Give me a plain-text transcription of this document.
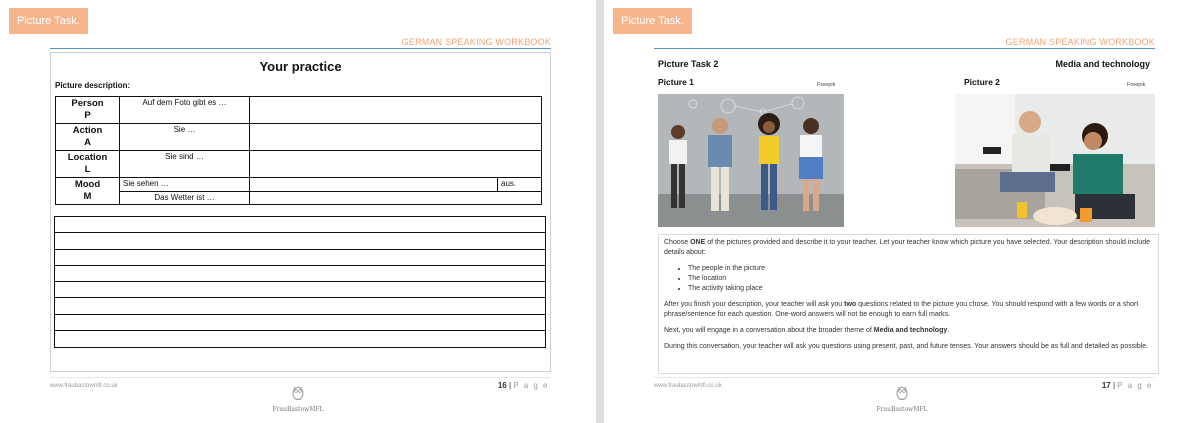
Picture Task.
GERMAN SPEAKING WORKBOOK
Your practice
Picture description:
Person
P	Auf dem Foto gibt es …		
Action
A	Sie …		
Location
L	Sie sind …		
Mood
M	Sie sehen …		aus.
	Das Wetter ist …		
www.fraubastowmfl.co.uk	16 | P a g e
FrauBastowMFL
Picture Task.
GERMAN SPEAKING WORKBOOK
Picture Task 2	Media and technology
Picture 1	Freepik	Picture 2	Freepik

Choose ONE of the pictures provided and describe it to your teacher. Let your teacher know which picture you have selected. Your description should include details about:

• The people in the picture
• The location
• The activity taking place

After you finish your description, your teacher will ask you two questions related to the picture you chose. You should respond with a few words or a short phrase/sentence for each question. One-word answers will not be enough to earn full marks.

Next, you will engage in a conversation about the broader theme of Media and technology.

During this conversation, your teacher will ask you questions using present, past, and future tenses. Your answers should be as full and detailed as possible.

www.fraubastowmfl.co.uk	17 | P a g e
FrauBastowMFL
